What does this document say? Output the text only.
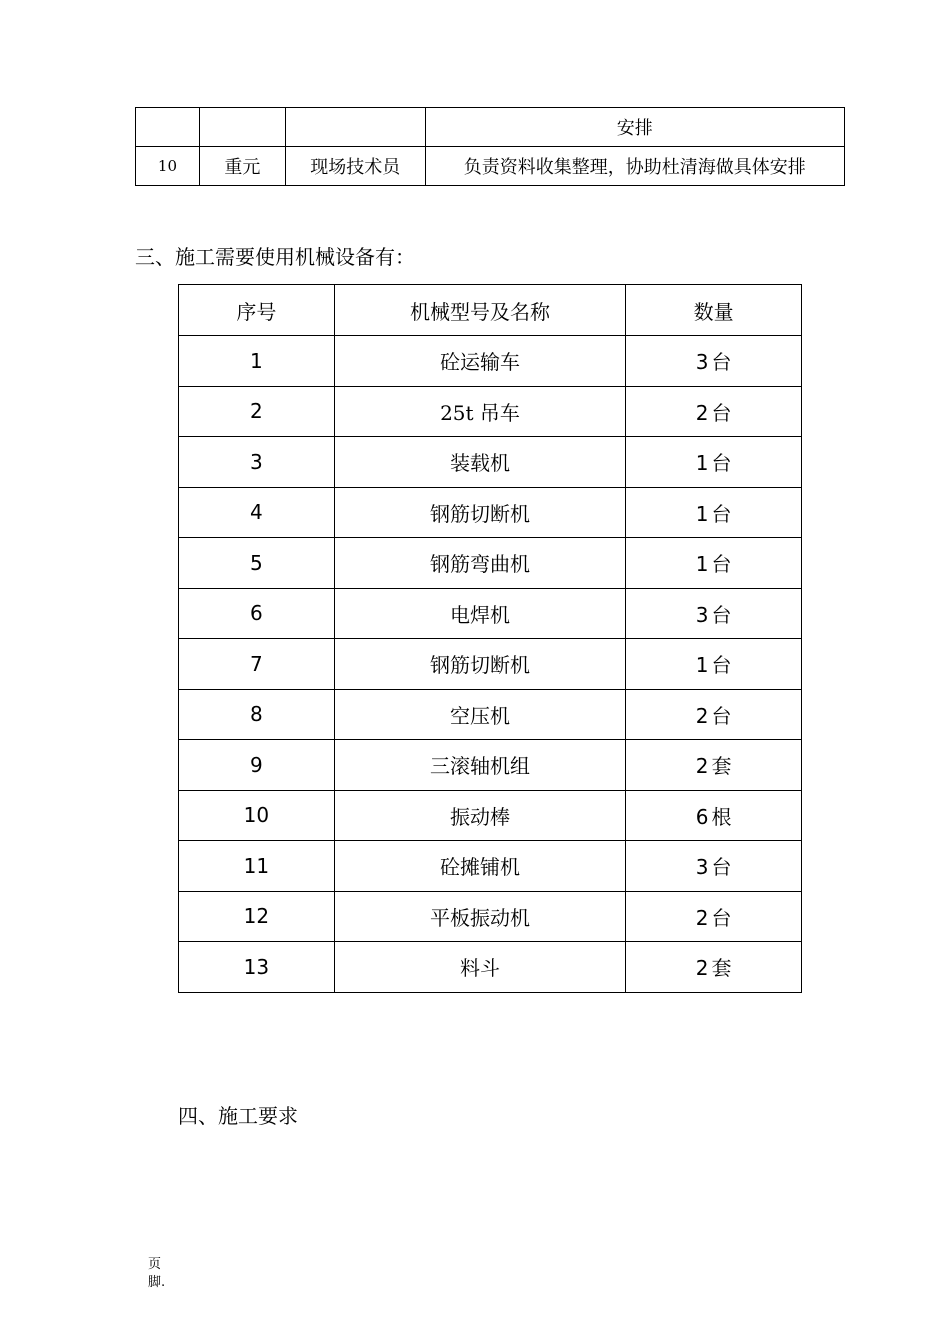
			安排
10	重元	现场技术员	负责资料收集整理，协助杜清海做具体安排
三、施工需要使用机械设备有：
序号	机械型号及名称	数量
1	砼运输车	3 台
2	25t 吊车	2 台
3	装载机	1 台
4	钢筋切断机	1 台
5	钢筋弯曲机	1 台
6	电焊机	3 台
7	钢筋切断机	1 台
8	空压机	2 台
9	三滚轴机组	2 套
10	振动棒	6 根
11	砼摊铺机	3 台
12	平板振动机	2 台
13	料斗	2 套
四、施工要求
页脚.
